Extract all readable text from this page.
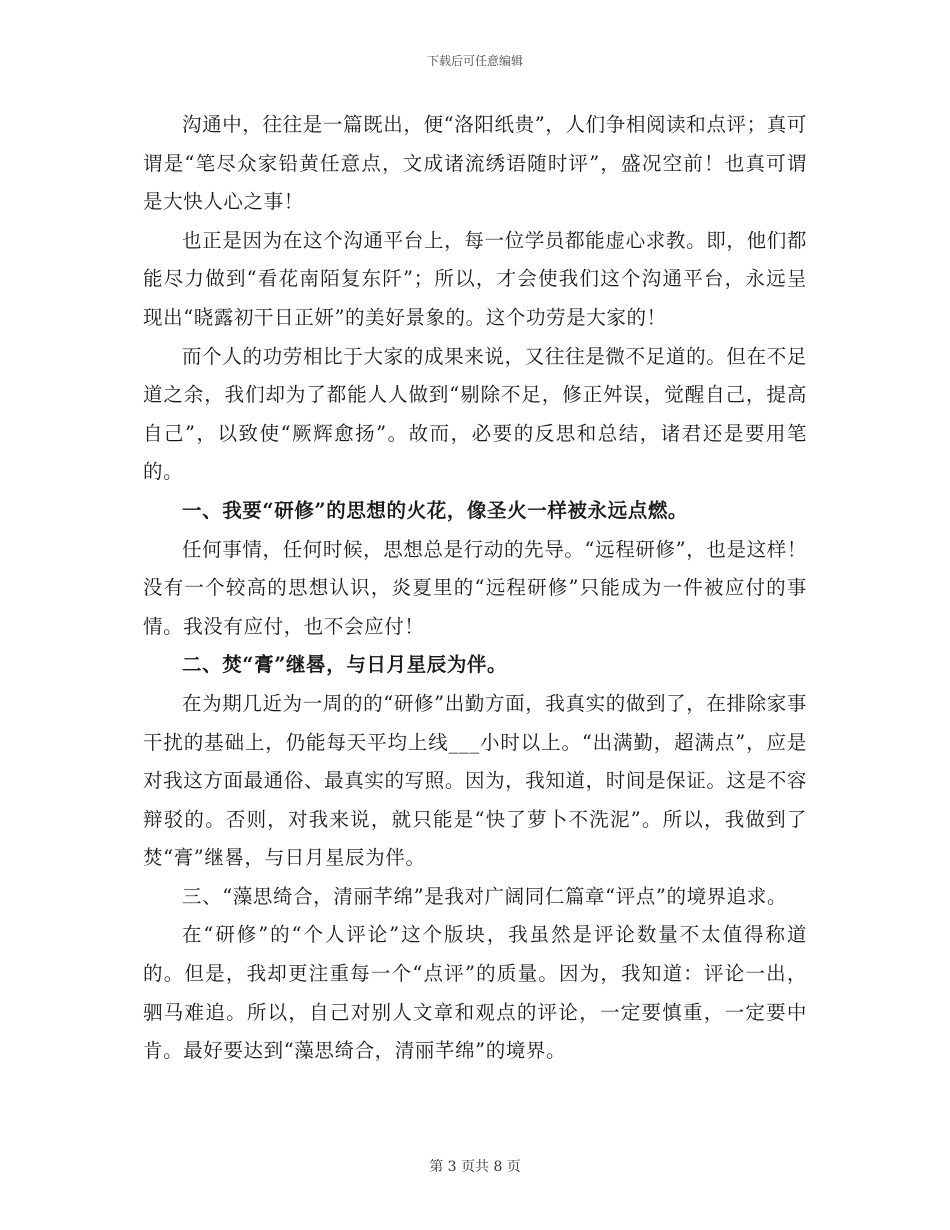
下载后可任意编辑

沟通中，往往是一篇既出，便“洛阳纸贵”，人们争相阅读和点评；真可谓是“笔尽众家铅黄任意点，文成诸流绣语随时评”，盛况空前！也真可谓是大快人心之事！

也正是因为在这个沟通平台上，每一位学员都能虚心求教。即，他们都能尽力做到“看花南陌复东阡”；所以，才会使我们这个沟通平台，永远呈现出“晓露初干日正妍”的美好景象的。这个功劳是大家的！

而个人的功劳相比于大家的成果来说，又往往是微不足道的。但在不足道之余，我们却为了都能人人做到“剔除不足，修正舛误，觉醒自己，提高自己”，以致使“厥辉愈扬”。故而，必要的反思和总结，诸君还是要用笔的。

一、我要“研修”的思想的火花，像圣火一样被永远点燃。

任何事情，任何时候，思想总是行动的先导。“远程研修”，也是这样！没有一个较高的思想认识，炎夏里的“远程研修”只能成为一件被应付的事情。我没有应付，也不会应付！

二、焚“膏”继晷，与日月星辰为伴。

在为期几近为一周的的“研修”出勤方面，我真实的做到了，在排除家事干扰的基础上，仍能每天平均上线___小时以上。“出满勤，超满点”，应是对我这方面最通俗、最真实的写照。因为，我知道，时间是保证。这是不容辩驳的。否则，对我来说，就只能是“快了萝卜不洗泥”。所以，我做到了焚“膏”继晷，与日月星辰为伴。

三、“藻思绮合，清丽芊绵”是我对广阔同仁篇章“评点”的境界追求。

在“研修”的“个人评论”这个版块，我虽然是评论数量不太值得称道的。但是，我却更注重每一个“点评”的质量。因为，我知道：评论一出，驷马难追。所以，自己对别人文章和观点的评论，一定要慎重，一定要中肯。最好要达到“藻思绮合，清丽芊绵”的境界。

第 3 页共 8 页
